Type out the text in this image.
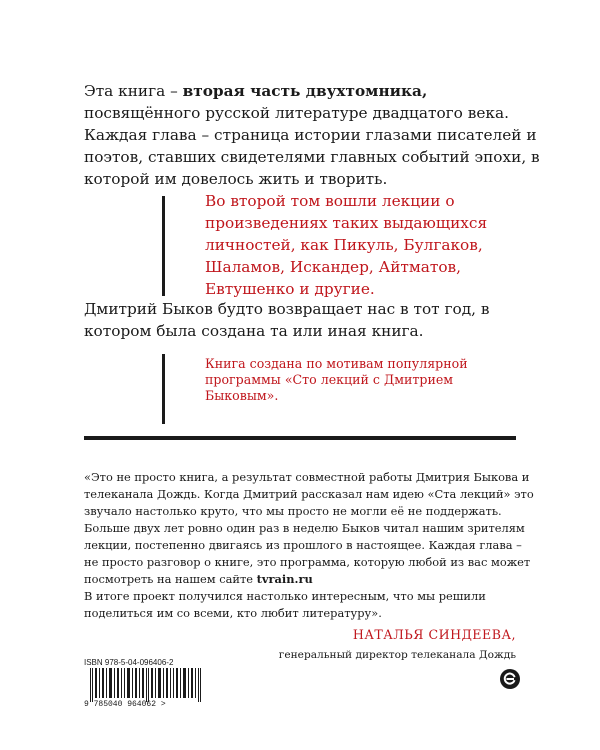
Эта книга – вторая часть двухтомника, посвящённого русской литературе двадцатого века. Каждая глава – страница истории глазами писателей и поэтов, ставших свидетелями главных событий эпохи, в которой им довелось жить и творить.
Во второй том вошли лекции о произведениях таких выдающихся личностей, как Пикуль, Булгаков, Шаламов, Искандер, Айтматов, Евтушенко и другие.
Дмитрий Быков будто возвращает нас в тот год, в котором была создана та или иная книга.
Книга создана по мотивам популярной программы «Сто лекций с Дмитрием Быковым».
«Это не просто книга, а результат совместной работы Дмитрия Быкова и телеканала Дождь. Когда Дмитрий рассказал нам идею «Ста лекций» это звучало настолько круто, что мы просто не могли её не поддержать. Больше двух лет ровно один раз в неделю Быков читал нашим зрителям лекции, постепенно двигаясь из прошлого в настоящее. Каждая глава – не просто разговор о книге, это программа, которую любой из вас может посмотреть на нашем сайте tvrain.ru
В итоге проект получился настолько интересным, что мы решили поделиться им со всеми, кто любит литературу».
НАТАЛЬЯ СИНДЕЕВА,
генеральный директор телеканала Дождь
ISBN 978-5-04-096406-2
9 785040 964062 >
